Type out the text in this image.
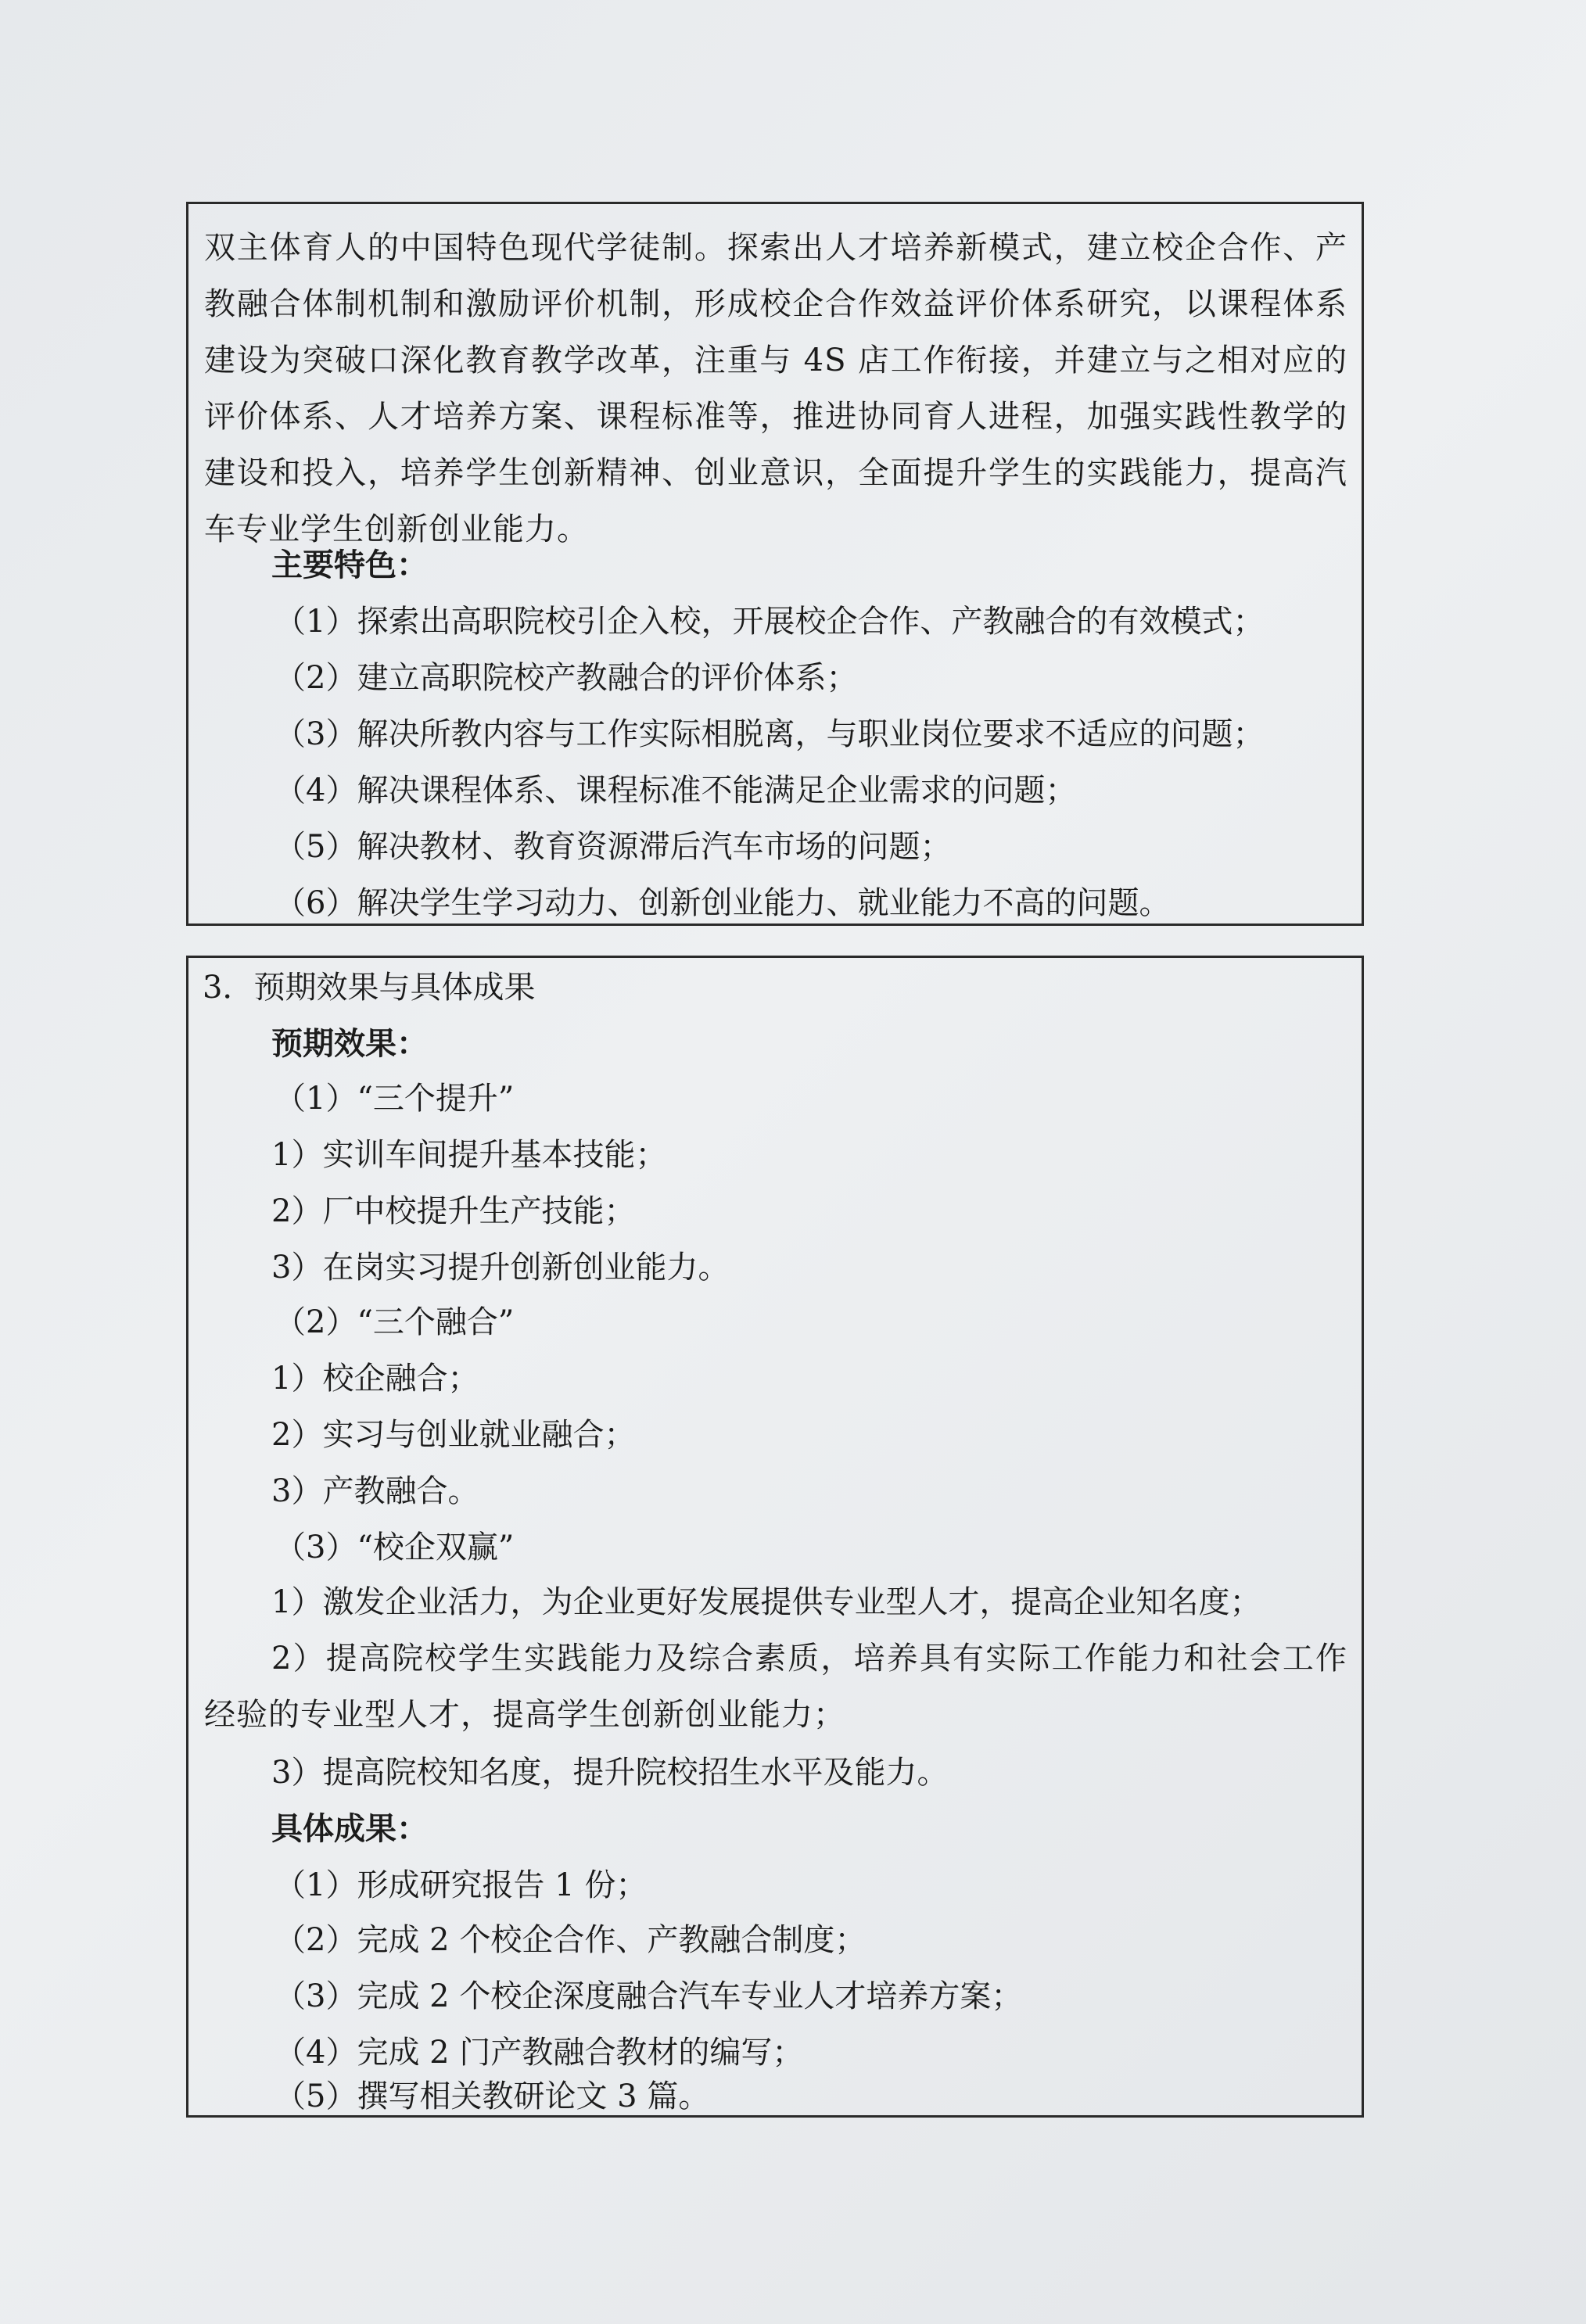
双主体育人的中国特色现代学徒制。探索出人才培养新模式，建立校企合作、产教融合体制机制和激励评价机制，形成校企合作效益评价体系研究，以课程体系建设为突破口深化教育教学改革，注重与 4S 店工作衔接，并建立与之相对应的评价体系、人才培养方案、课程标准等，推进协同育人进程，加强实践性教学的建设和投入，培养学生创新精神、创业意识，全面提升学生的实践能力，提高汽车专业学生创新创业能力。

主要特色：

（1）探索出高职院校引企入校，开展校企合作、产教融合的有效模式；

（2）建立高职院校产教融合的评价体系；

（3）解决所教内容与工作实际相脱离，与职业岗位要求不适应的问题；

（4）解决课程体系、课程标准不能满足企业需求的问题；

（5）解决教材、教育资源滞后汽车市场的问题；

（6）解决学生学习动力、创新创业能力、就业能力不高的问题。

3．预期效果与具体成果

预期效果：

（1）“三个提升”

1）实训车间提升基本技能；

2）厂中校提升生产技能；

3）在岗实习提升创新创业能力。

（2）“三个融合”

1）校企融合；

2）实习与创业就业融合；

3）产教融合。

（3）“校企双赢”

1）激发企业活力，为企业更好发展提供专业型人才，提高企业知名度；

2）提高院校学生实践能力及综合素质，培养具有实际工作能力和社会工作经验的专业型人才，提高学生创新创业能力；

3）提高院校知名度，提升院校招生水平及能力。

具体成果：

（1）形成研究报告 1 份；

（2）完成 2 个校企合作、产教融合制度；

（3）完成 2 个校企深度融合汽车专业人才培养方案；

（4）完成 2 门产教融合教材的编写；

（5）撰写相关教研论文 3 篇。
